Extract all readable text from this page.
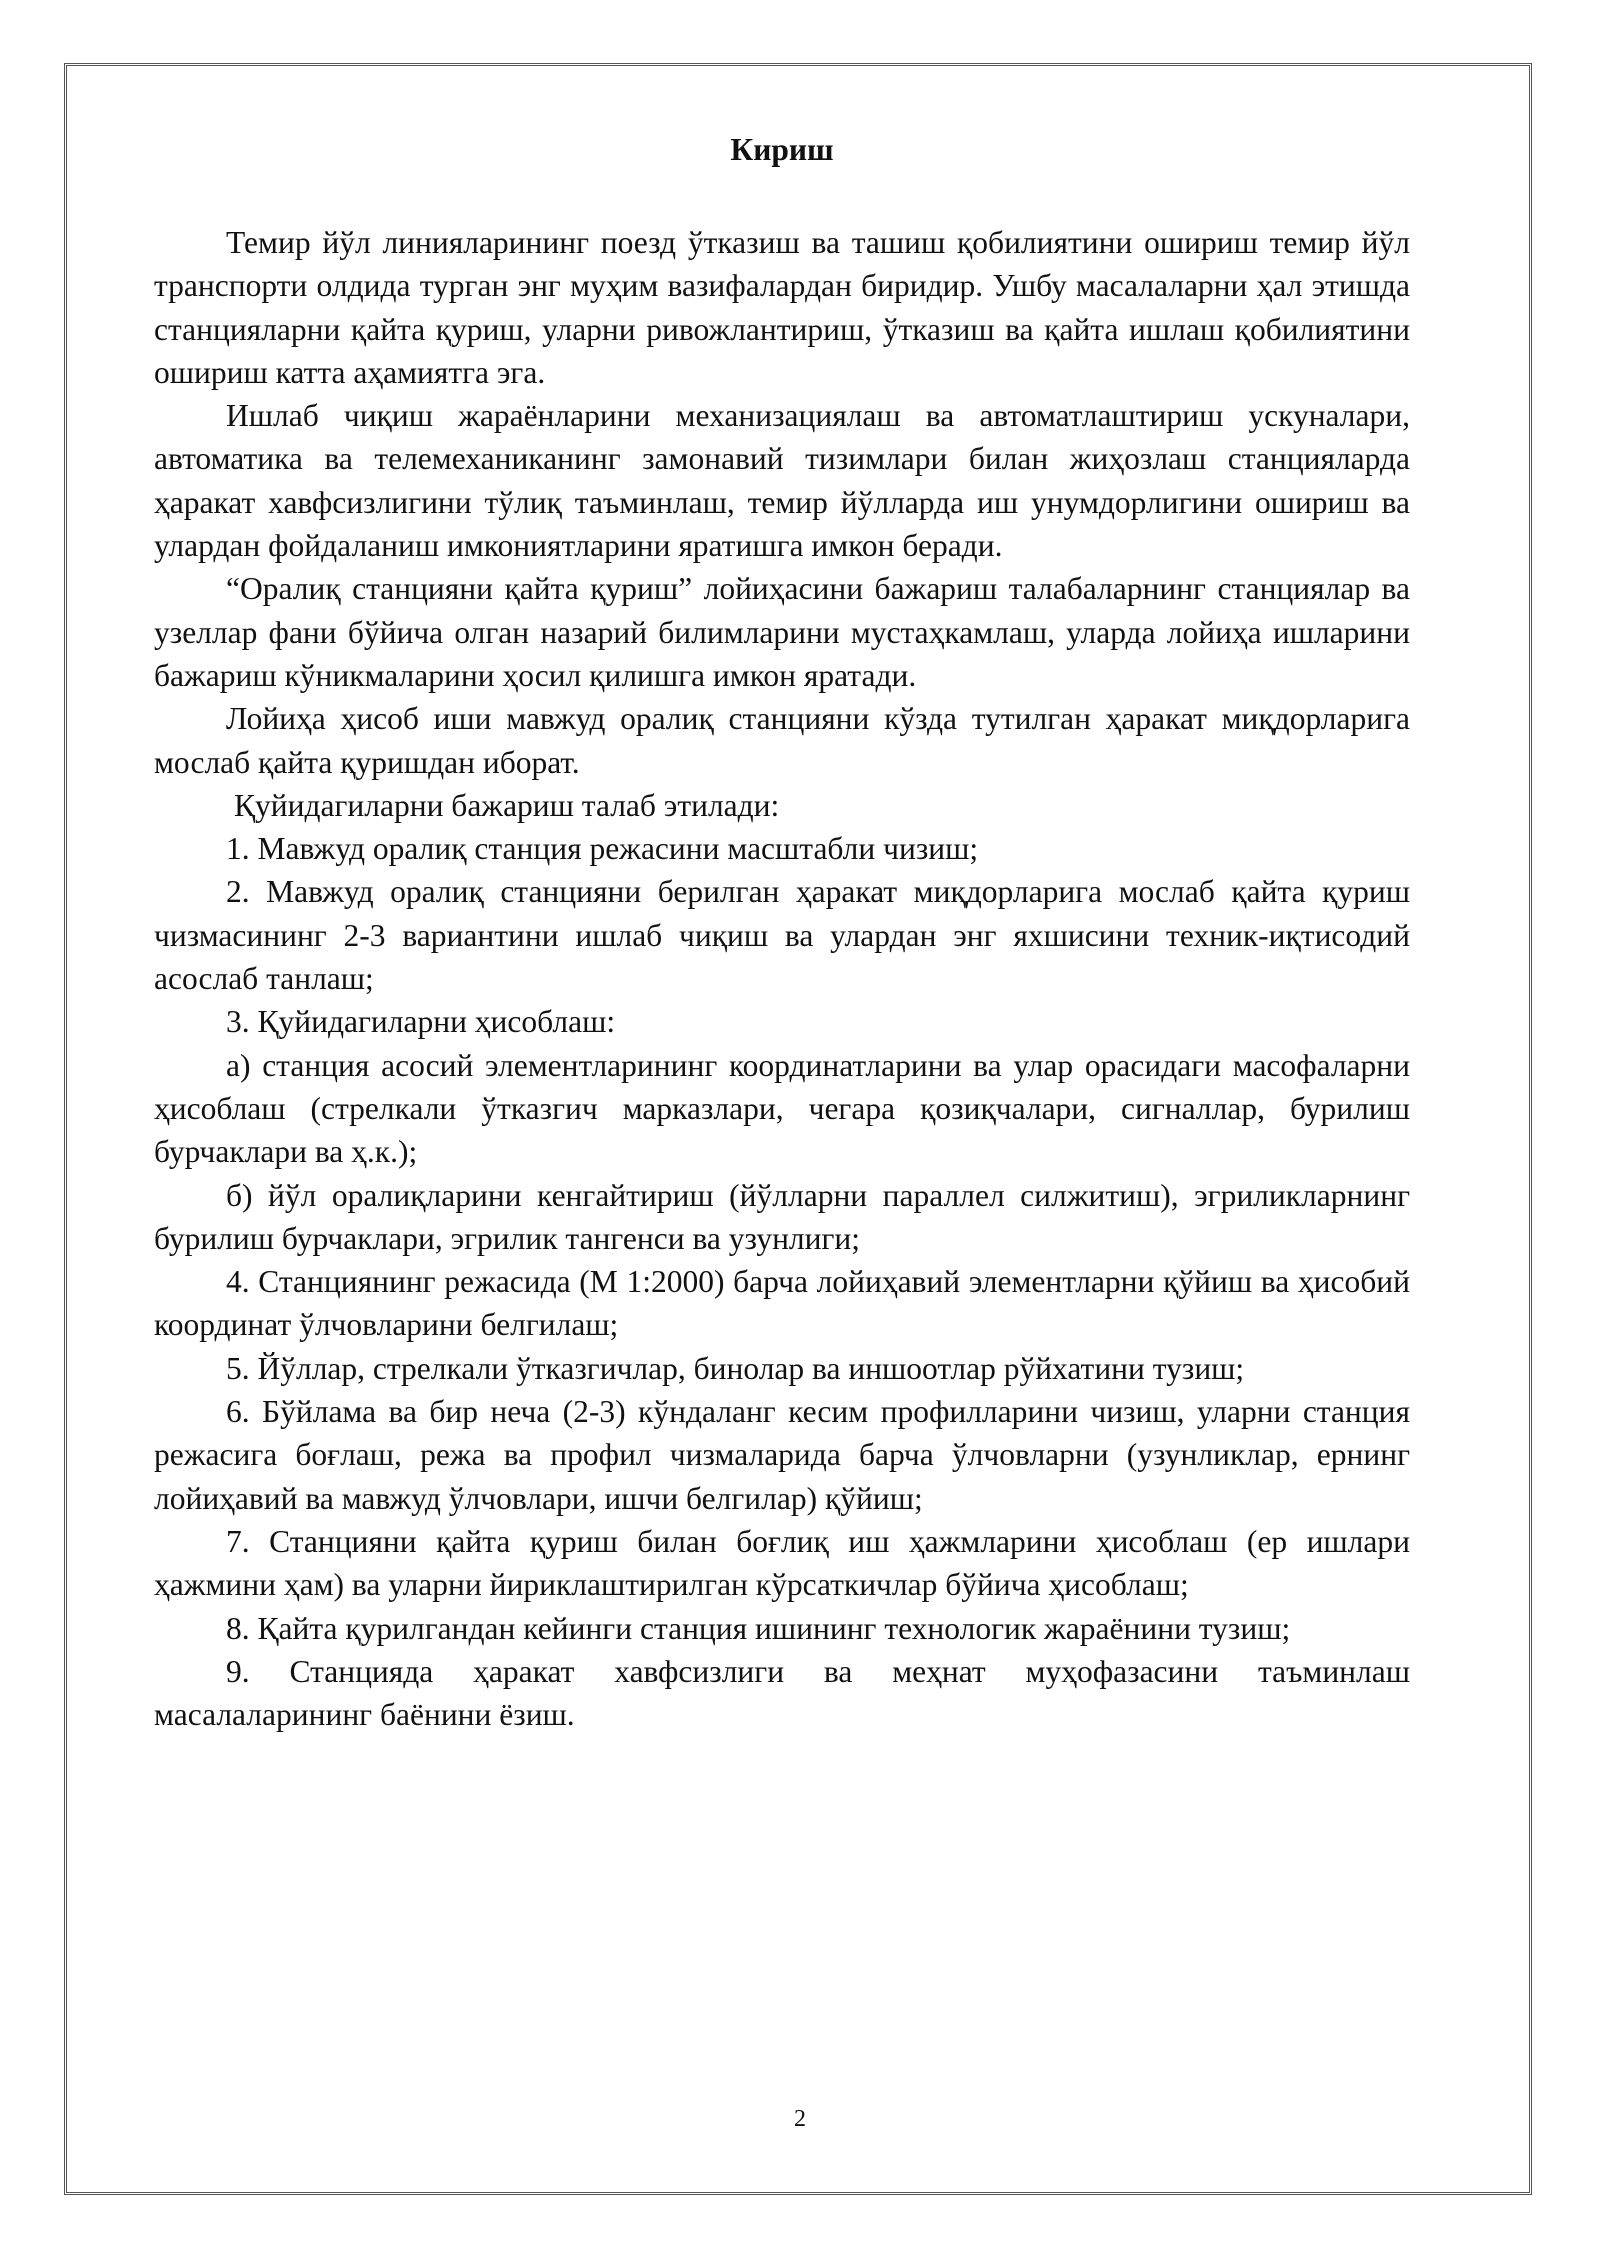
Кириш

Темир йўл линияларининг поезд ўтказиш ва ташиш қобилиятини ошириш темир йўл транспорти олдида турган энг муҳим вазифалардан биридир. Ушбу масалаларни ҳал этишда станцияларни қайта қуриш, уларни ривожлантириш, ўтказиш ва қайта ишлаш қобилиятини ошириш катта аҳамиятга эга.

Ишлаб чиқиш жараёнларини механизациялаш ва автоматлаштириш ускуналари, автоматика ва телемеханиканинг замонавий тизимлари билан жиҳозлаш станцияларда ҳаракат хавфсизлигини тўлиқ таъминлаш, темир йўлларда иш унумдорлигини ошириш ва улардан фойдаланиш имкониятларини яратишга имкон беради.

“Оралиқ станцияни қайта қуриш” лойиҳасини бажариш талабаларнинг станциялар ва узеллар фани бўйича олган назарий билимларини мустаҳкамлаш, уларда лойиҳа ишларини бажариш кўникмаларини ҳосил қилишга имкон яратади.

Лойиҳа ҳисоб иши мавжуд оралиқ станцияни кўзда тутилган ҳаракат миқдорларига мослаб қайта қуришдан иборат.

Қуйидагиларни бажариш талаб этилади:

1. Мавжуд оралиқ станция режасини масштабли чизиш;

2. Мавжуд оралиқ станцияни берилган ҳаракат миқдорларига мослаб қайта қуриш чизмасининг 2-3 вариантини ишлаб чиқиш ва улардан энг яхшисини техник-иқтисодий асослаб танлаш;

3. Қуйидагиларни ҳисоблаш:

а) станция асосий элементларининг координатларини ва улар орасидаги масофаларни ҳисоблаш (стрелкали ўтказгич марказлари, чегара қозиқчалари, сигналлар, бурилиш бурчаклари ва ҳ.к.);

б) йўл оралиқларини кенгайтириш (йўлларни параллел силжитиш), эгриликларнинг бурилиш бурчаклари, эгрилик тангенси ва узунлиги;

4. Станциянинг режасида (М 1:2000) барча лойиҳавий элементларни қўйиш ва ҳисобий координат ўлчовларини белгилаш;

5. Йўллар, стрелкали ўтказгичлар, бинолар ва иншоотлар рўйхатини тузиш;

6. Бўйлама ва бир неча (2-3) кўндаланг кесим профилларини чизиш, уларни станция режасига боғлаш, режа ва профил чизмаларида барча ўлчовларни (узунликлар, ернинг лойиҳавий ва мавжуд ўлчовлари, ишчи белгилар) қўйиш;

7. Станцияни қайта қуриш билан боғлиқ иш ҳажмларини ҳисоблаш (ер ишлари ҳажмини ҳам) ва уларни йириклаштирилган кўрсаткичлар бўйича ҳисоблаш;

8. Қайта қурилгандан кейинги станция ишининг технологик жараёнини тузиш;

9. Станцияда ҳаракат хавфсизлиги ва меҳнат муҳофазасини таъминлаш масалаларининг баёнини ёзиш.

2
